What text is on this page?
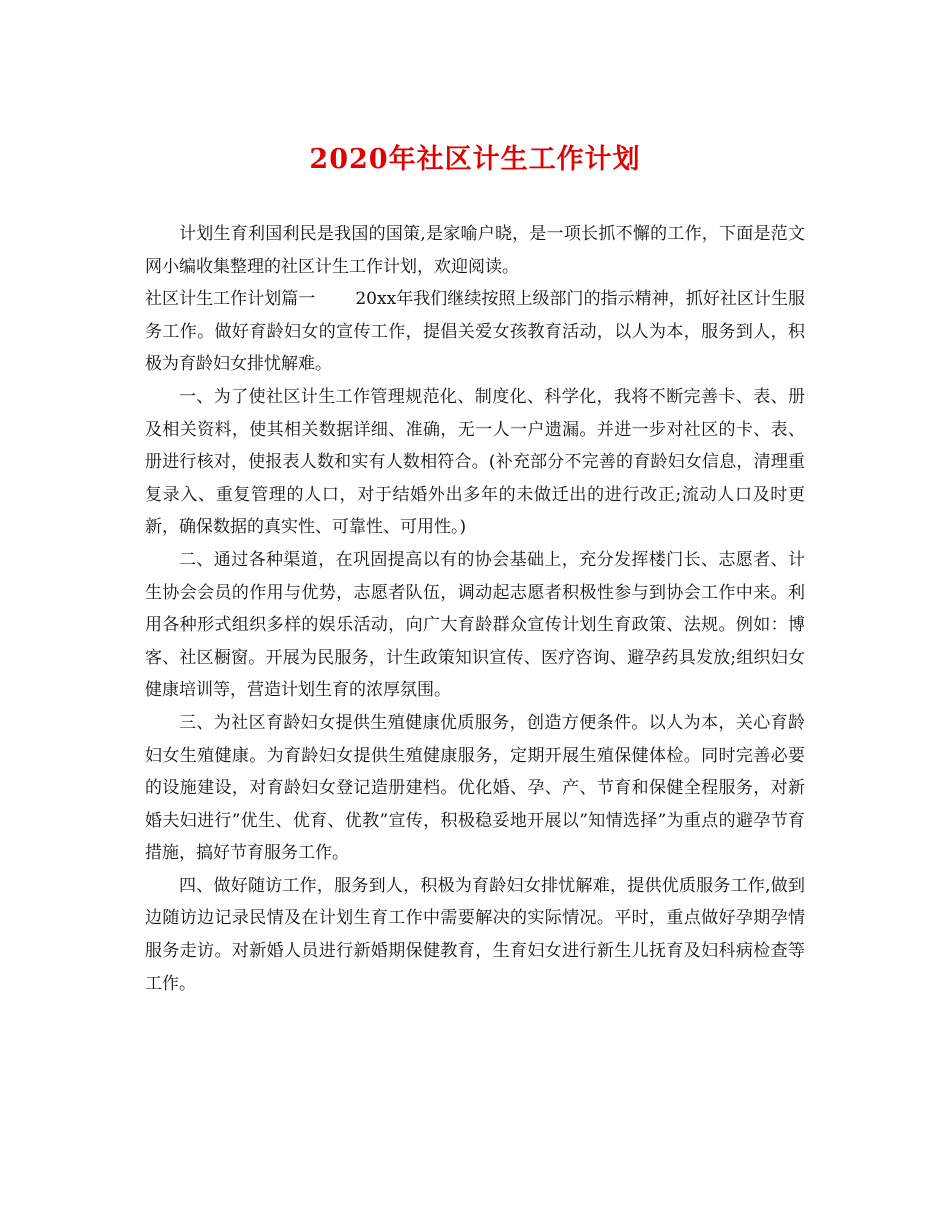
2020年社区计生工作计划

计划生育利国利民是我国的国策,是家喻户晓，是一项长抓不懈的工作，下面是范文网小编收集整理的社区计生工作计划，欢迎阅读。

社区计生工作计划篇一 20xx年我们继续按照上级部门的指示精神，抓好社区计生服务工作。做好育龄妇女的宣传工作，提倡关爱女孩教育活动，以人为本，服务到人，积极为育龄妇女排忧解难。

一、为了使社区计生工作管理规范化、制度化、科学化，我将不断完善卡、表、册及相关资料，使其相关数据详细、准确，无一人一户遗漏。并进一步对社区的卡、表、册进行核对，使报表人数和实有人数相符合。(补充部分不完善的育龄妇女信息，清理重复录入、重复管理的人口，对于结婚外出多年的未做迁出的进行改正;流动人口及时更新，确保数据的真实性、可靠性、可用性。)

二、通过各种渠道，在巩固提高以有的协会基础上，充分发挥楼门长、志愿者、计生协会会员的作用与优势，志愿者队伍，调动起志愿者积极性参与到协会工作中来。利用各种形式组织多样的娱乐活动，向广大育龄群众宣传计划生育政策、法规。例如：博客、社区橱窗。开展为民服务，计生政策知识宣传、医疗咨询、避孕药具发放;组织妇女健康培训等，营造计划生育的浓厚氛围。

三、为社区育龄妇女提供生殖健康优质服务，创造方便条件。以人为本，关心育龄妇女生殖健康。为育龄妇女提供生殖健康服务，定期开展生殖保健体检。同时完善必要的设施建设，对育龄妇女登记造册建档。优化婚、孕、产、节育和保健全程服务，对新婚夫妇进行”优生、优育、优教”宣传，积极稳妥地开展以”知情选择”为重点的避孕节育措施，搞好节育服务工作。

四、做好随访工作，服务到人，积极为育龄妇女排忧解难，提供优质服务工作,做到边随访边记录民情及在计划生育工作中需要解决的实际情况。平时，重点做好孕期孕情服务走访。对新婚人员进行新婚期保健教育，生育妇女进行新生儿抚育及妇科病检查等工作。
